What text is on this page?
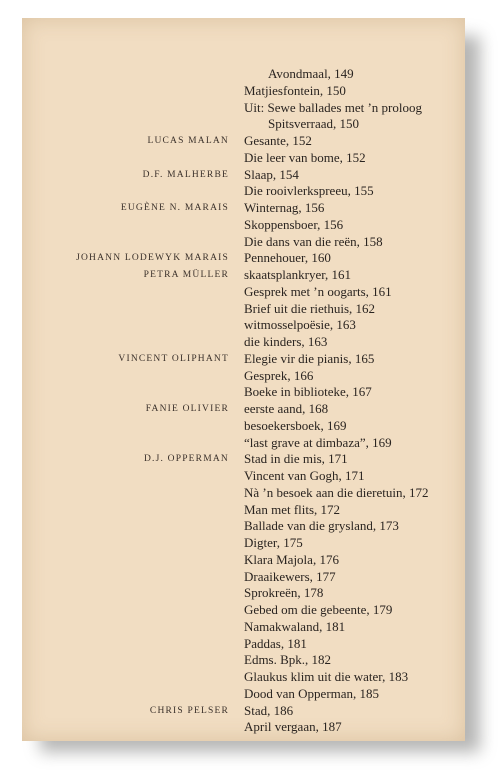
Avondmaal, 149
Matjiesfontein, 150
Uit: Sewe ballades met ’n proloog
Spitsverraad, 150
LUCAS MALAN Gesante, 152
Die leer van bome, 152
D.F. MALHERBE Slaap, 154
Die rooivlerkspreeu, 155
EUGÈNE N. MARAIS Winternag, 156
Skoppensboer, 156
Die dans van die reën, 158
JOHANN LODEWYK MARAIS Pennehouer, 160
PETRA MÜLLER skaatsplankryer, 161
Gesprek met ’n oogarts, 161
Brief uit die riethuis, 162
witmosselpoësie, 163
die kinders, 163
VINCENT OLIPHANT Elegie vir die pianis, 165
Gesprek, 166
Boeke in biblioteke, 167
FANIE OLIVIER eerste aand, 168
besoekersboek, 169
“last grave at dimbaza”, 169
D.J. OPPERMAN Stad in die mis, 171
Vincent van Gogh, 171
Nà ’n besoek aan die dieretuin, 172
Man met flits, 172
Ballade van die grysland, 173
Digter, 175
Klara Majola, 176
Draaikewers, 177
Sprokreën, 178
Gebed om die gebeente, 179
Namakwaland, 181
Paddas, 181
Edms. Bpk., 182
Glaukus klim uit die water, 183
Dood van Opperman, 185
CHRIS PELSER Stad, 186
April vergaan, 187
